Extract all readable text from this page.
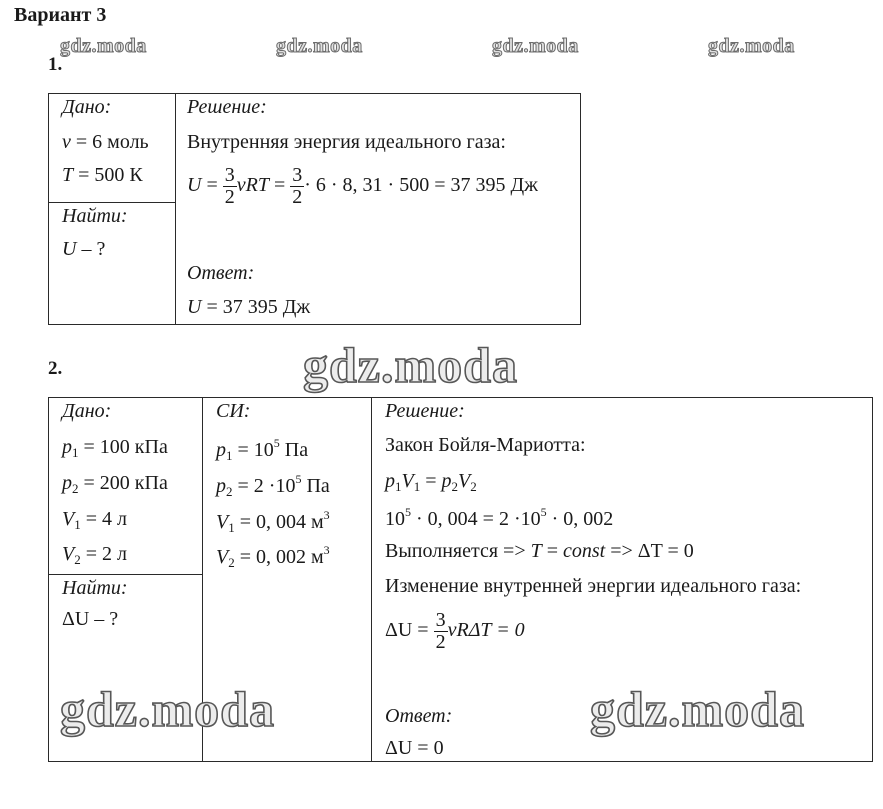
Вариант 3
gdz.moda	gdz.moda	gdz.moda	gdz.moda
1.
Дано:
ν = 6 моль
T = 500 К
Найти:
U – ?
Решение:
Внутренняя энергия идеального газа:
$U = \frac{3}{2}$ $\nu RT = \frac{3}{2} \cdot 6 \cdot 8$, 31 · 500 = 37 395 Дж
Ответ:
U = 37 395 Дж
gdz.moda
2.
Дано:
$p_1 = 100$ кПа
$p_2 = 200$ кПа
$V_1 = 4$ л
$V_2 = 2$ л
Найти:
ΔU – ?
СИ:
$p_1 = 10^5$ Па
$p_2 = 2 \cdot 10^5$ Па
$V_1 = 0$, 004 $м^3$
$V_2 = 0$, 002 $м^3$
Решение:
Закон Бойля-Мариотта:
$p_1V_1 = p_2V_2$
$10^5 \cdot 0$, $004 = 2 \cdot 10^5 \cdot 0$, 002
Выполняется => T = const => ΔT = 0
Изменение внутренней энергии идеального газа:
$\Delta U = \frac{3}{2}$ νRΔT = 0
Ответ:
ΔU = 0
gdz.moda	gdz.moda
